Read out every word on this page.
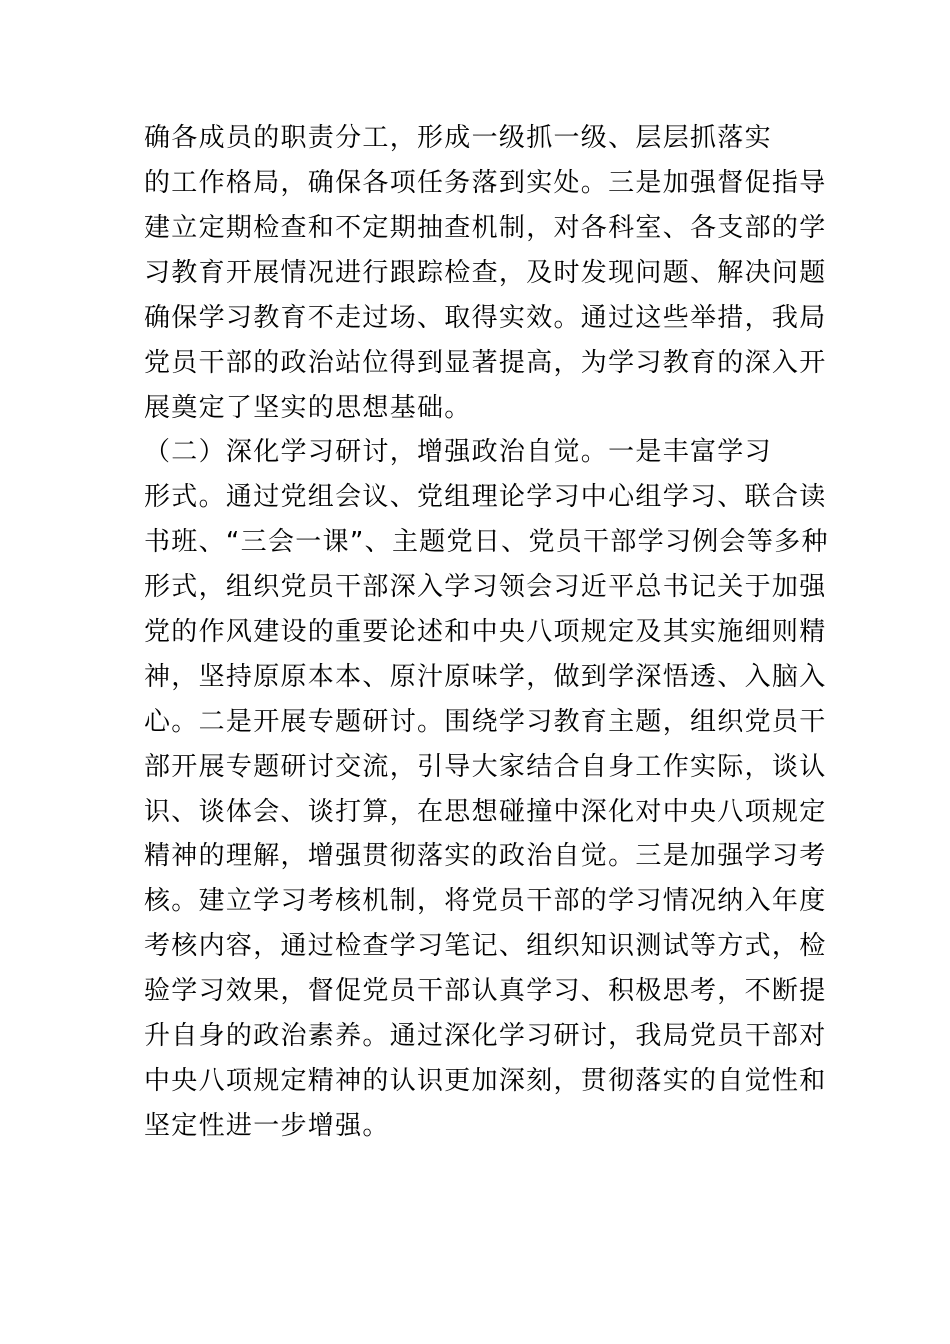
确各成员的职责分工，形成一级抓一级、层层抓落实
的工作格局，确保各项任务落到实处。三是加强督促指导
建立定期检查和不定期抽查机制，对各科室、各支部的学
习教育开展情况进行跟踪检查，及时发现问题、解决问题
确保学习教育不走过场、取得实效。通过这些举措，我局
党员干部的政治站位得到显著提高，为学习教育的深入开
展奠定了坚实的思想基础。
（二）深化学习研讨，增强政治自觉。一是丰富学习
形式。通过党组会议、党组理论学习中心组学习、联合读
书班、“三会一课”、主题党日、党员干部学习例会等多种
形式，组织党员干部深入学习领会习近平总书记关于加强
党的作风建设的重要论述和中央八项规定及其实施细则精
神，坚持原原本本、原汁原味学，做到学深悟透、入脑入
心。二是开展专题研讨。围绕学习教育主题，组织党员干
部开展专题研讨交流，引导大家结合自身工作实际，谈认
识、谈体会、谈打算，在思想碰撞中深化对中央八项规定
精神的理解，增强贯彻落实的政治自觉。三是加强学习考
核。建立学习考核机制，将党员干部的学习情况纳入年度
考核内容，通过检查学习笔记、组织知识测试等方式，检
验学习效果，督促党员干部认真学习、积极思考，不断提
升自身的政治素养。通过深化学习研讨，我局党员干部对
中央八项规定精神的认识更加深刻，贯彻落实的自觉性和
坚定性进一步增强。
